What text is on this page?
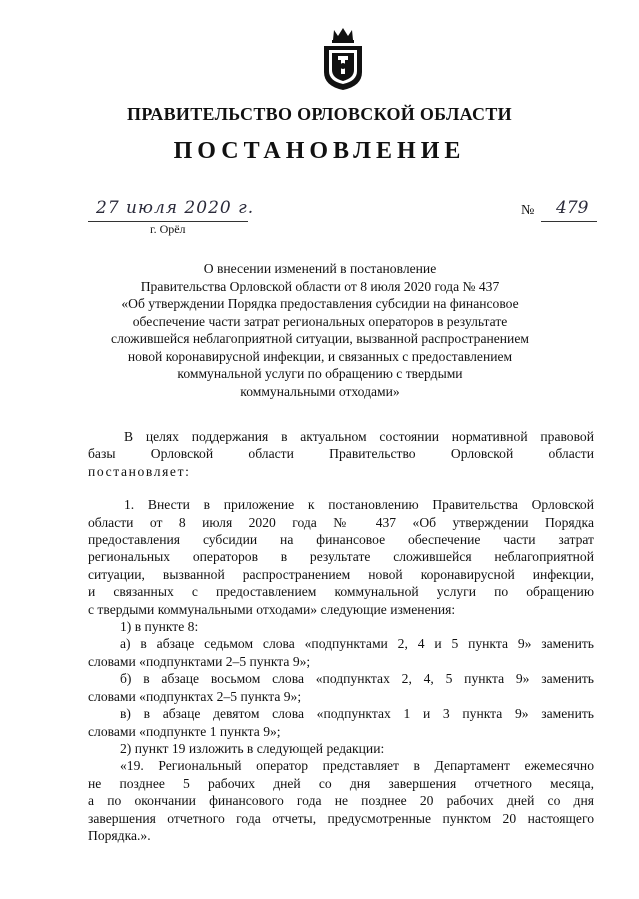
ПРАВИТЕЛЬСТВО ОРЛОВСКОЙ ОБЛАСТИ
ПОСТАНОВЛЕНИЕ
27 июля 2020 г.
г. Орёл
№ 479
О внесении изменений в постановление
Правительства Орловской области от 8 июля 2020 года № 437
«Об утверждении Порядка предоставления субсидии на финансовое
обеспечение части затрат региональных операторов в результате
сложившейся неблагоприятной ситуации, вызванной распространением
новой коронавирусной инфекции, и связанных с предоставлением
коммунальной услуги по обращению с твердыми
коммунальными отходами»
В целях поддержания в актуальном состоянии нормативной правовой
базы Орловской области Правительство Орловской области
постановляет:
1. Внести в приложение к постановлению Правительства Орловской
области от 8 июля 2020 года № 437 «Об утверждении Порядка
предоставления субсидии на финансовое обеспечение части затрат
региональных операторов в результате сложившейся неблагоприятной
ситуации, вызванной распространением новой коронавирусной инфекции,
и связанных с предоставлением коммунальной услуги по обращению
с твердыми коммунальными отходами» следующие изменения:
1) в пункте 8:
а) в абзаце седьмом слова «подпунктами 2, 4 и 5 пункта 9» заменить
словами «подпунктами 2–5 пункта 9»;
б) в абзаце восьмом слова «подпунктах 2, 4, 5 пункта 9» заменить
словами «подпунктах 2–5 пункта 9»;
в) в абзаце девятом слова «подпунктах 1 и 3 пункта 9» заменить
словами «подпункте 1 пункта 9»;
2) пункт 19 изложить в следующей редакции:
«19. Региональный оператор представляет в Департамент ежемесячно
не позднее 5 рабочих дней со дня завершения отчетного месяца,
а по окончании финансового года не позднее 20 рабочих дней со дня
завершения отчетного года отчеты, предусмотренные пунктом 20 настоящего
Порядка.».
